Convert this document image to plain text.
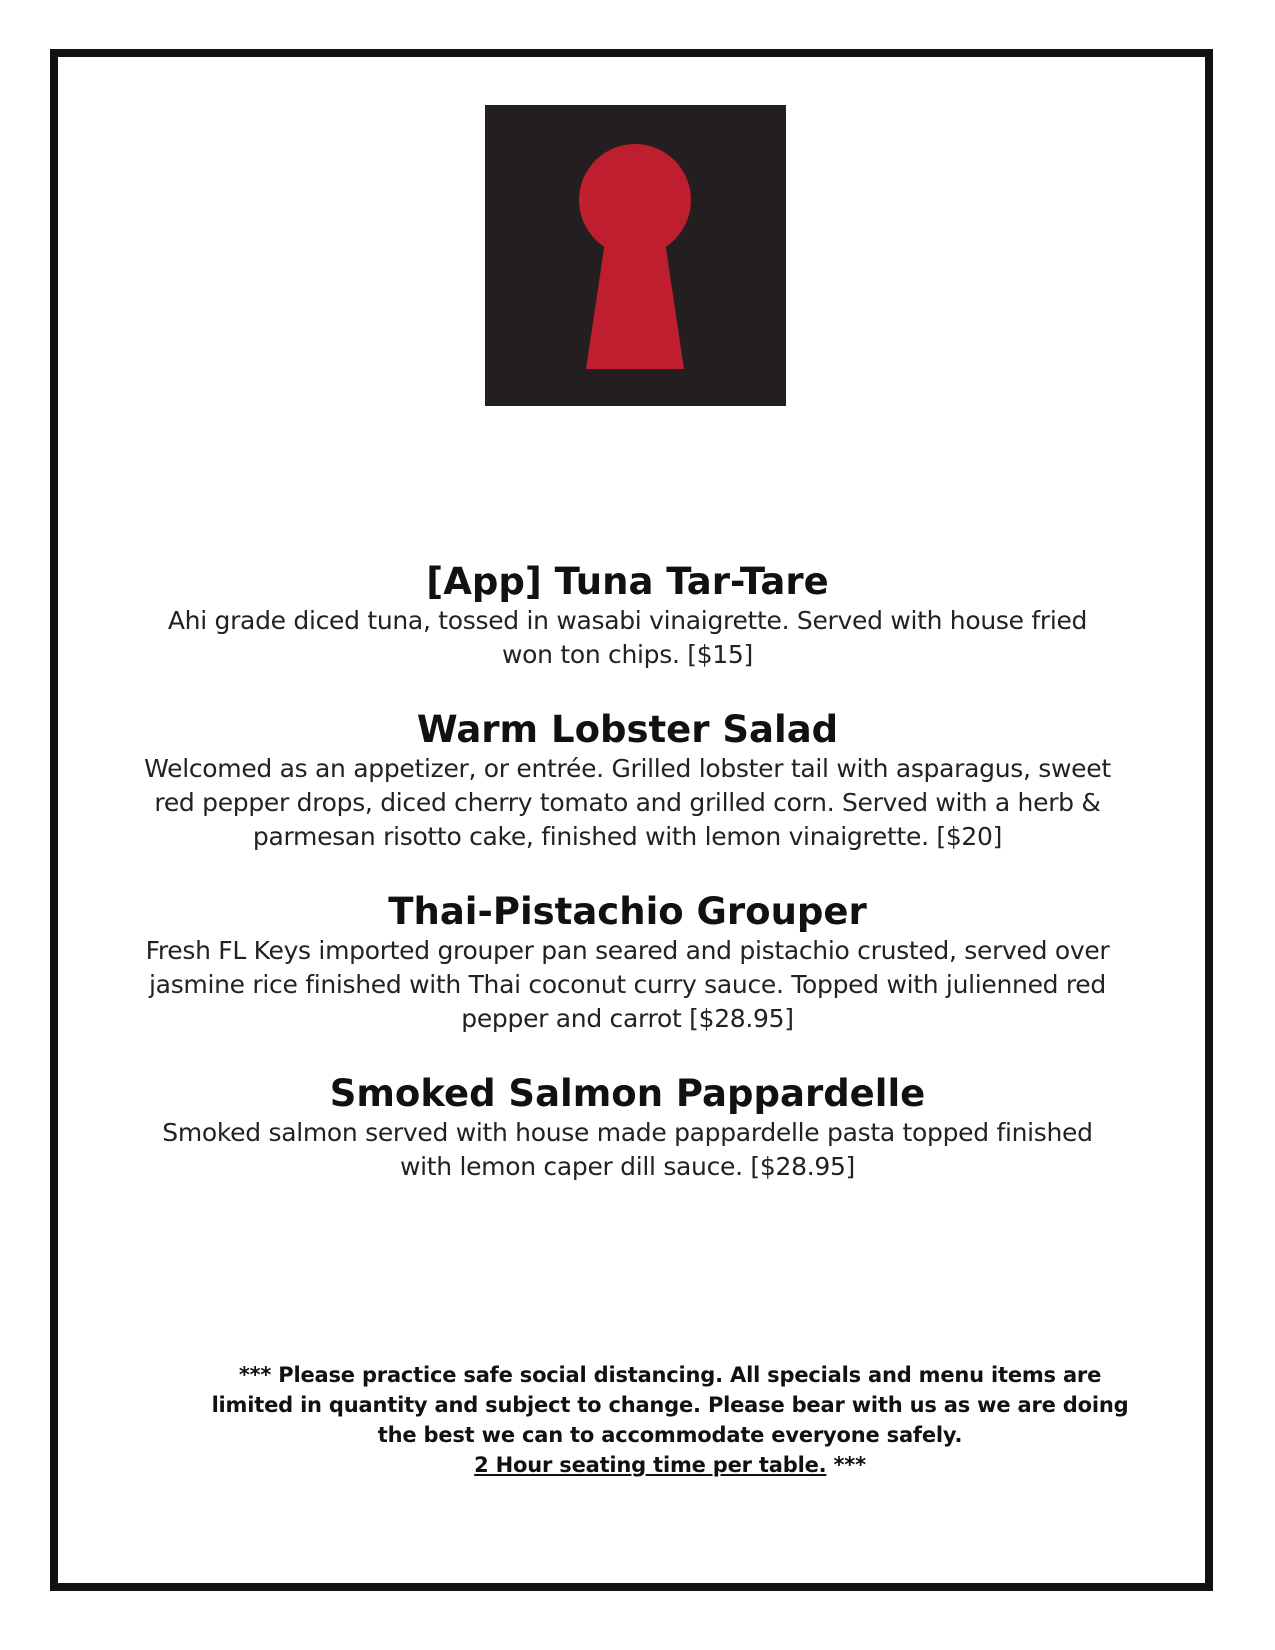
[App] Tuna Tar-Tare

Ahi grade diced tuna, tossed in wasabi vinaigrette. Served with house fried won ton chips. [$15]

Warm Lobster Salad

Welcomed as an appetizer, or entrée. Grilled lobster tail with asparagus, sweet red pepper drops, diced cherry tomato and grilled corn. Served with a herb & parmesan risotto cake, finished with lemon vinaigrette. [$20]

Thai-Pistachio Grouper

Fresh FL Keys imported grouper pan seared and pistachio crusted, served over jasmine rice finished with Thai coconut curry sauce. Topped with julienned red pepper and carrot [$28.95]

Smoked Salmon Pappardelle

Smoked salmon served with house made pappardelle pasta topped finished with lemon caper dill sauce. [$28.95]

*** Please practice safe social distancing. All specials and menu items are limited in quantity and subject to change. Please bear with us as we are doing the best we can to accommodate everyone safely.
2 Hour seating time per table. ***
